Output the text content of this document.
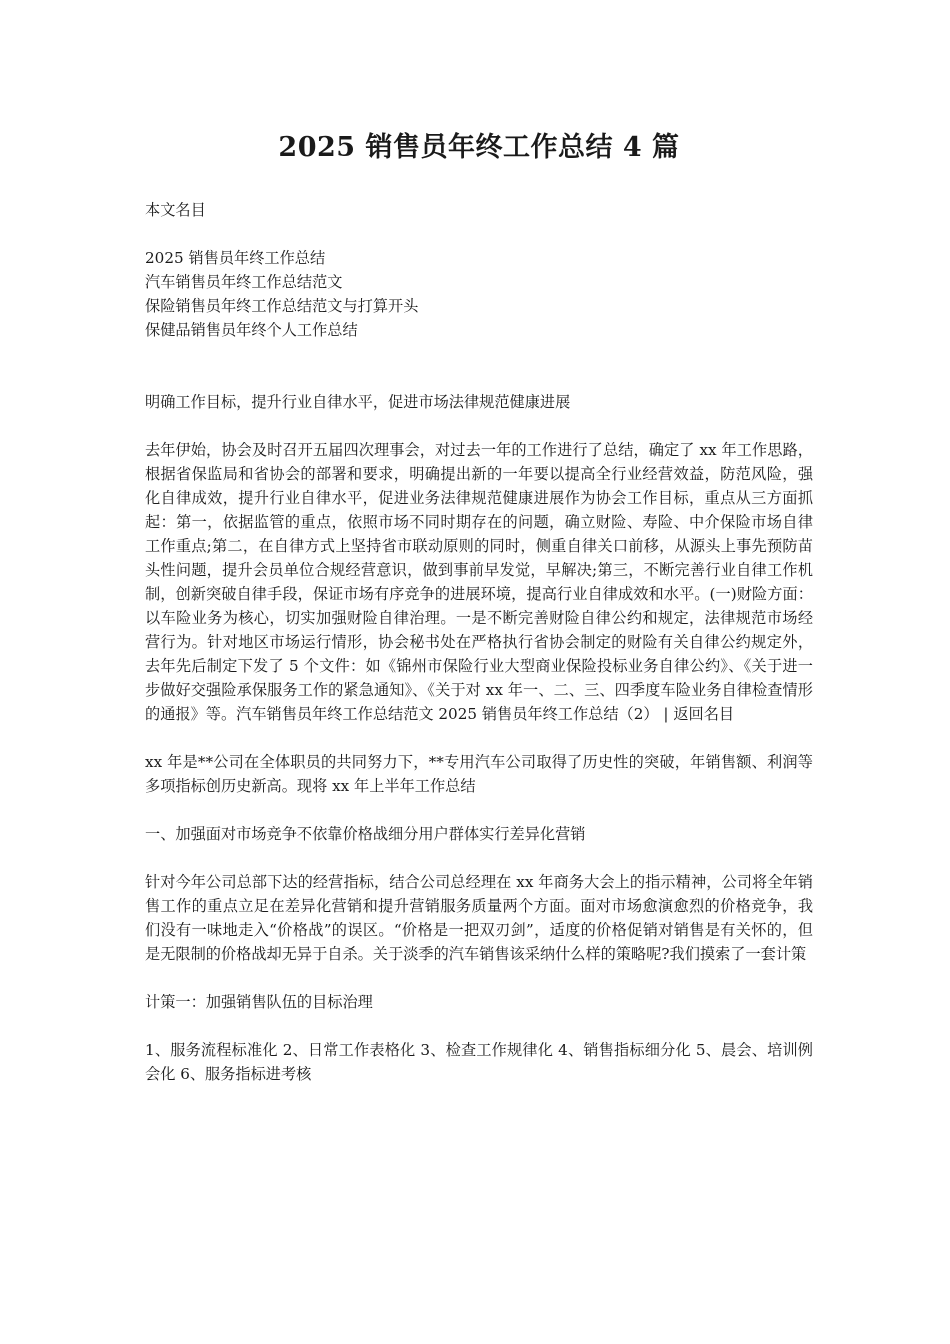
2025 销售员年终工作总结 4 篇

本文名目

2025 销售员年终工作总结
汽车销售员年终工作总结范文
保险销售员年终工作总结范文与打算开头
保健品销售员年终个人工作总结

明确工作目标，提升行业自律水平，促进市场法律规范健康进展

去年伊始，协会及时召开五届四次理事会，对过去一年的工作进行了总结，确定了 xx 年工作思路，根据省保监局和省协会的部署和要求，明确提出新的一年要以提高全行业经营效益，防范风险，强化自律成效，提升行业自律水平，促进业务法律规范健康进展作为协会工作目标，重点从三方面抓起：第一，依据监管的重点，依照市场不同时期存在的问题，确立财险、寿险、中介保险市场自律工作重点;第二，在自律方式上坚持省市联动原则的同时，侧重自律关口前移，从源头上事先预防苗头性问题，提升会员单位合规经营意识，做到事前早发觉，早解决;第三，不断完善行业自律工作机制，创新突破自律手段，保证市场有序竞争的进展环境，提高行业自律成效和水平。(一)财险方面：以车险业务为核心，切实加强财险自律治理。一是不断完善财险自律公约和规定，法律规范市场经营行为。针对地区市场运行情形，协会秘书处在严格执行省协会制定的财险有关自律公约规定外，去年先后制定下发了 5 个文件：如《锦州市保险行业大型商业保险投标业务自律公约》、《关于进一步做好交强险承保服务工作的紧急通知》、《关于对 xx 年一、二、三、四季度车险业务自律检查情形的通报》等。汽车销售员年终工作总结范文 2025 销售员年终工作总结（2） | 返回名目

xx 年是**公司在全体职员的共同努力下，**专用汽车公司取得了历史性的突破，年销售额、利润等多项指标创历史新高。现将 xx 年上半年工作总结

一、加强面对市场竞争不依靠价格战细分用户群体实行差异化营销

针对今年公司总部下达的经营指标，结合公司总经理在 xx 年商务大会上的指示精神，公司将全年销售工作的重点立足在差异化营销和提升营销服务质量两个方面。面对市场愈演愈烈的价格竞争，我们没有一味地走入“价格战”的误区。“价格是一把双刃剑”，适度的价格促销对销售是有关怀的，但是无限制的价格战却无异于自杀。关于淡季的汽车销售该采纳什么样的策略呢?我们摸索了一套计策

计策一：加强销售队伍的目标治理

1、服务流程标准化 2、日常工作表格化 3、检查工作规律化 4、销售指标细分化 5、晨会、培训例会化 6、服务指标进考核
